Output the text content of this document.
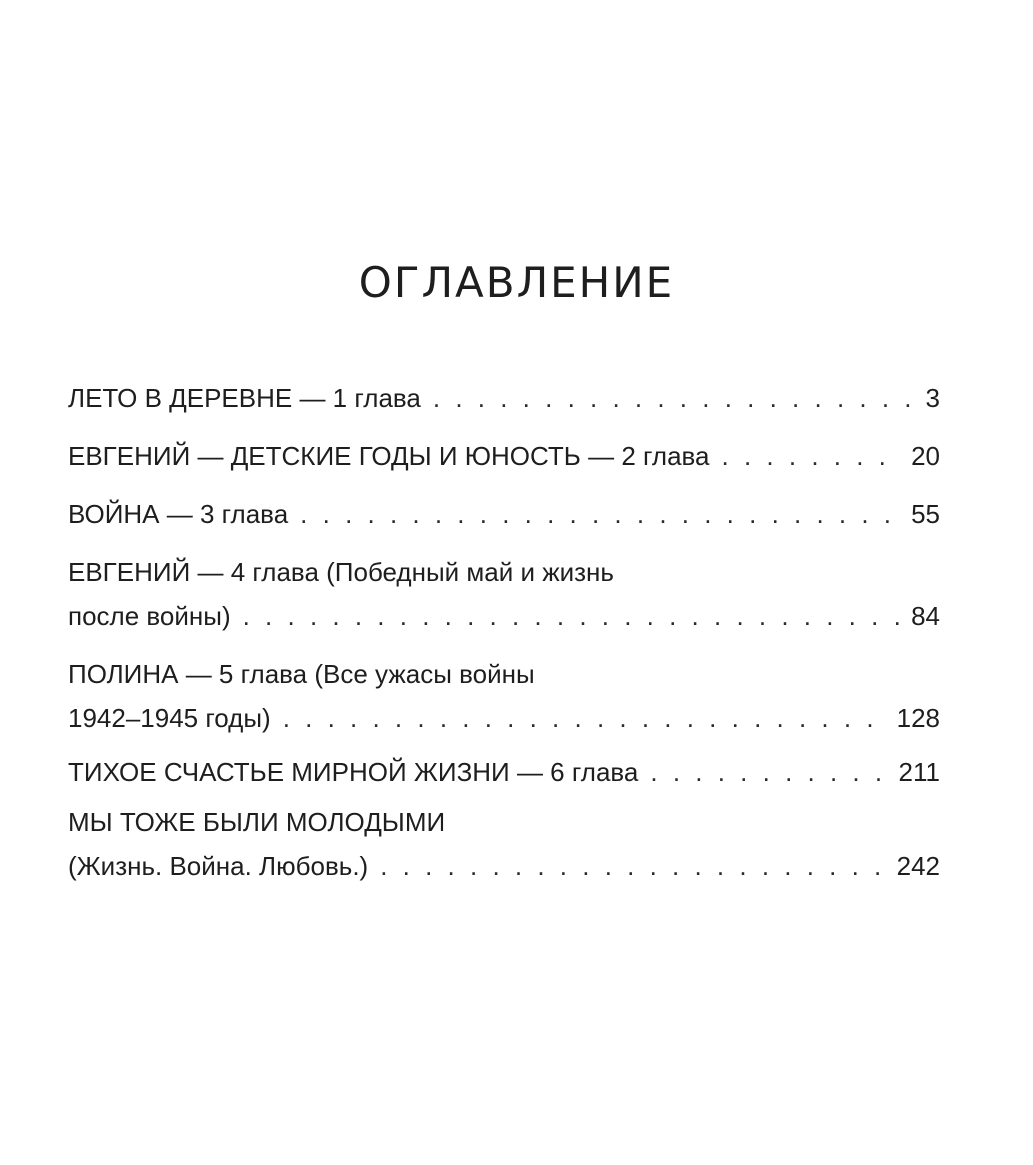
ОГЛАВЛЕНИЕ
ЛЕТО В ДЕРЕВНЕ — 1 глава . . .	3
ЕВГЕНИЙ — ДЕТСКИЕ ГОДЫ И ЮНОСТЬ — 2 глава . . .	20
ВОЙНА — 3 глава . . .	55
ЕВГЕНИЙ — 4 глава (Победный май и жизнь
после войны) . . .	84
ПОЛИНА — 5 глава (Все ужасы войны
1942–1945 годы) . . .	128
ТИХОЕ СЧАСТЬЕ МИРНОЙ ЖИЗНИ — 6 глава . . .	211
МЫ ТОЖЕ БЫЛИ МОЛОДЫМИ
(Жизнь. Война. Любовь.) . . .	242
